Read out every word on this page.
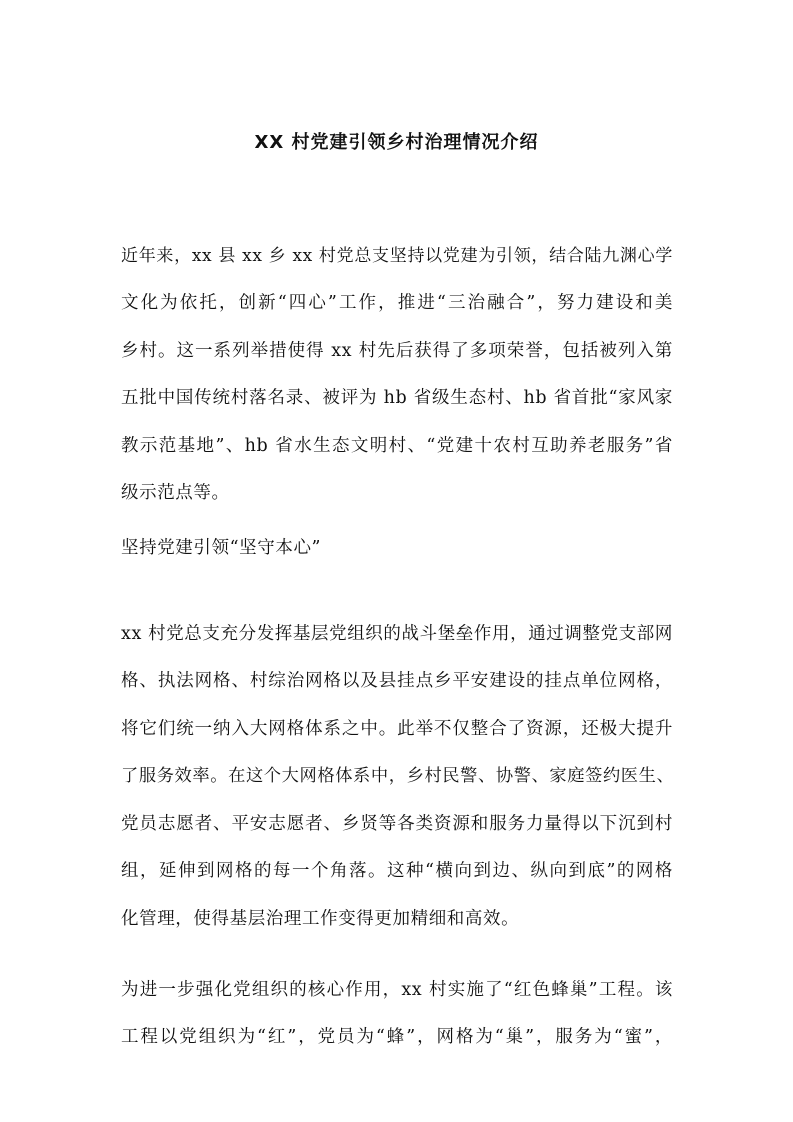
XX 村党建引领乡村治理情况介绍

近年来，xx 县 xx 乡 xx 村党总支坚持以党建为引领，结合陆九渊心学

文化为依托，创新“四心”工作，推进“三治融合”，努力建设和美

乡村。这一系列举措使得 xx 村先后获得了多项荣誉，包括被列入第

五批中国传统村落名录、被评为 hb 省级生态村、hb 省首批“家风家

教示范基地”、hb 省水生态文明村、“党建十农村互助养老服务”省

级示范点等。

坚持党建引领“坚守本心”

xx 村党总支充分发挥基层党组织的战斗堡垒作用，通过调整党支部网

格、执法网格、村综治网格以及县挂点乡平安建设的挂点单位网格，

将它们统一纳入大网格体系之中。此举不仅整合了资源，还极大提升

了服务效率。在这个大网格体系中，乡村民警、协警、家庭签约医生、

党员志愿者、平安志愿者、乡贤等各类资源和服务力量得以下沉到村

组，延伸到网格的每一个角落。这种“横向到边、纵向到底”的网格

化管理，使得基层治理工作变得更加精细和高效。

为进一步强化党组织的核心作用，xx 村实施了“红色蜂巢”工程。该

工程以党组织为“红”，党员为“蜂”，网格为“巢”，服务为“蜜”，
